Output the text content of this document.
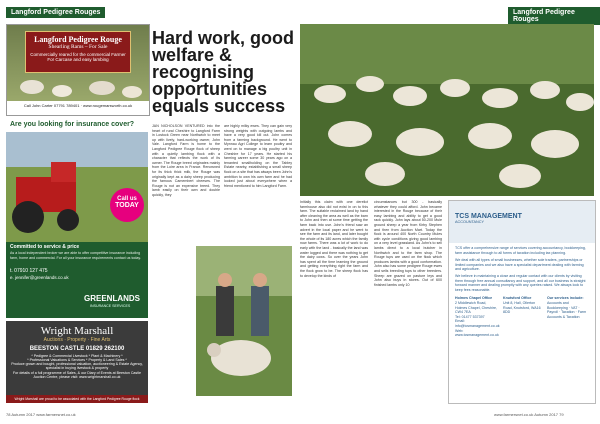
Langford Pedigree Rouges	Langford Pedigree Rouges
Langford Pedigree Rouge
Shearling Rams – For Sale
Commercially reared for the commercial Farmer
For Carcase and easy lambing
Call John Carter 07791 789401 · www.rougemarsworth.co.uk
Are you looking for insurance cover?
Call us
TODAY
Committed to service & price
As a local independent broker we are able to offer competitive insurance including farm, home and commercial. For all your insurance requirements contact us today.
t. 07910 127 475
e. jennifer@greenlands.co.uk
GREENLANDS
INSURANCE SERVICES
Wright Marshall
Auctions · Property · Fine Arts
BEESTON CASTLE 01829 262100
* Pedigree & Commercial Livestock * Plant & Machinery *
* Professional Valuations & Services * Property & Land Sales *
Produce grown and bought, professional valuation, auctioneering & Estate Agency, specialist in buying livestock & property
For details of a full programme of Sales, & our Diary of Events at Beeston Castle Auction Centre, please visit: www.wrightmarshall.co.uk
Wright Marshall are proud to be associated with the Langford Pedigree Rouge flock
Hard work, good welfare & recognising opportunities equals success
JAN NICHOLSON VENTURED into the heart of rural Cheshire to Langford Farm in Lostock Green near Northwich to meet up with lively, hard-working owner, John Vale. Langford Farm is home to the Langford Pedigree Rouge flock of sheep with a quietly lambing flock with a character that reflects the work of its owner. The Rouge breed originates mainly from the Loire area in France. Renowned for its thick thick milk, the Rouge was originally kept as a dairy sheep producing the famous Camembert cheeses. The Rouge is not an expensive breed. They lamb easily on their own and double quickly, they
are highly milky ewes. They can gain very strong weights with outgoing lambs and have a very good kill out. John comes from a farming background. He went to Mynnau Agri College to learn poultry and went on to manage a big poultry unit in Cheshire for 17 years. He started his farming career some 30 years ago on a tenanted smallholding on the Tabley Estate nearby, establishing a small sheep flock on a site that has always been John's ambition to own his own farm and he had looked just about everywhere when a friend mentioned to him Langford Farm.
Initially this claim with one derelict farmhouse also did not exist in on to this farm. The suitable reclaimed land by hand after cleaning the area as well as the barn to John and then at some time getting the farm back into use. John's friend saw an advert in the local paper and he went to see the farm and its land, and later bought the whole of its 180 acres which the family now farms. There was a lot of work to do early with the land - basically the land was water logged and there was nothing to get the dairy cows. So over the years John has spent all the time learning the ground and getting everything right the farm and the flock grow to be. The sheep flock has to develop the kinds of
circumstances but 300 - basically whatever they could afford. John became interested in the Rouge because of their easy lambing and ability to get a good rack quickly. John lays about 50-200 Mule ground sheep a year from Kirby Stephen and then from Auction Mart. Today the flock is around 400 North Country Mules with cycle conditions giving good lambing on a very level grassland. As John's to sell lambs direct to a local butcher in Northwich and to the farm shop. The Rouge tups are used on the flock which produces lambs with a good conformation. John also has some pedigree Rouge ewes and sells breeding tups to other breeders. Sheep are grazed on pasture leys and John also buys in stores. Out of 600 finished lambs only 10
TCS MANAGEMENT
ACCOUNTANCY
TCS offer a comprehensive range of services covering accountancy, bookkeeping, farm assistance through to all forms of taxation including tax planning.
We deal with all types of small businesses, whether sole traders, partnerships or limited companies and we also have a specialist department dealing with farming and agriculture.
We believe in maintaining a close and regular contact with our clients by visiting them through free annual consultancy and support, and all our business is straight forward manner and dealing promptly with any queries raised. We always look to keep fees reasonable.
Holmes Chapel Office
2 Middlewich Road, Holmes Chapel, Cheshire, CW4 7EA
Tel: 01477 537397
Email: info@tcsmanagement.co.uk
Web: www.tcsmanagement.co.uk
Knutsford Office
Unit 8, Hall, Ollerton Road, Knutsford, WA16 8DD
Our services include:
Accounts and Bookkeeping · VAT · Payroll · Taxation · Farm Accounts & Taxation
78 Autumn 2017 www.farmersnet.co.uk	www.farmersnet.co.uk Autumn 2017 79
